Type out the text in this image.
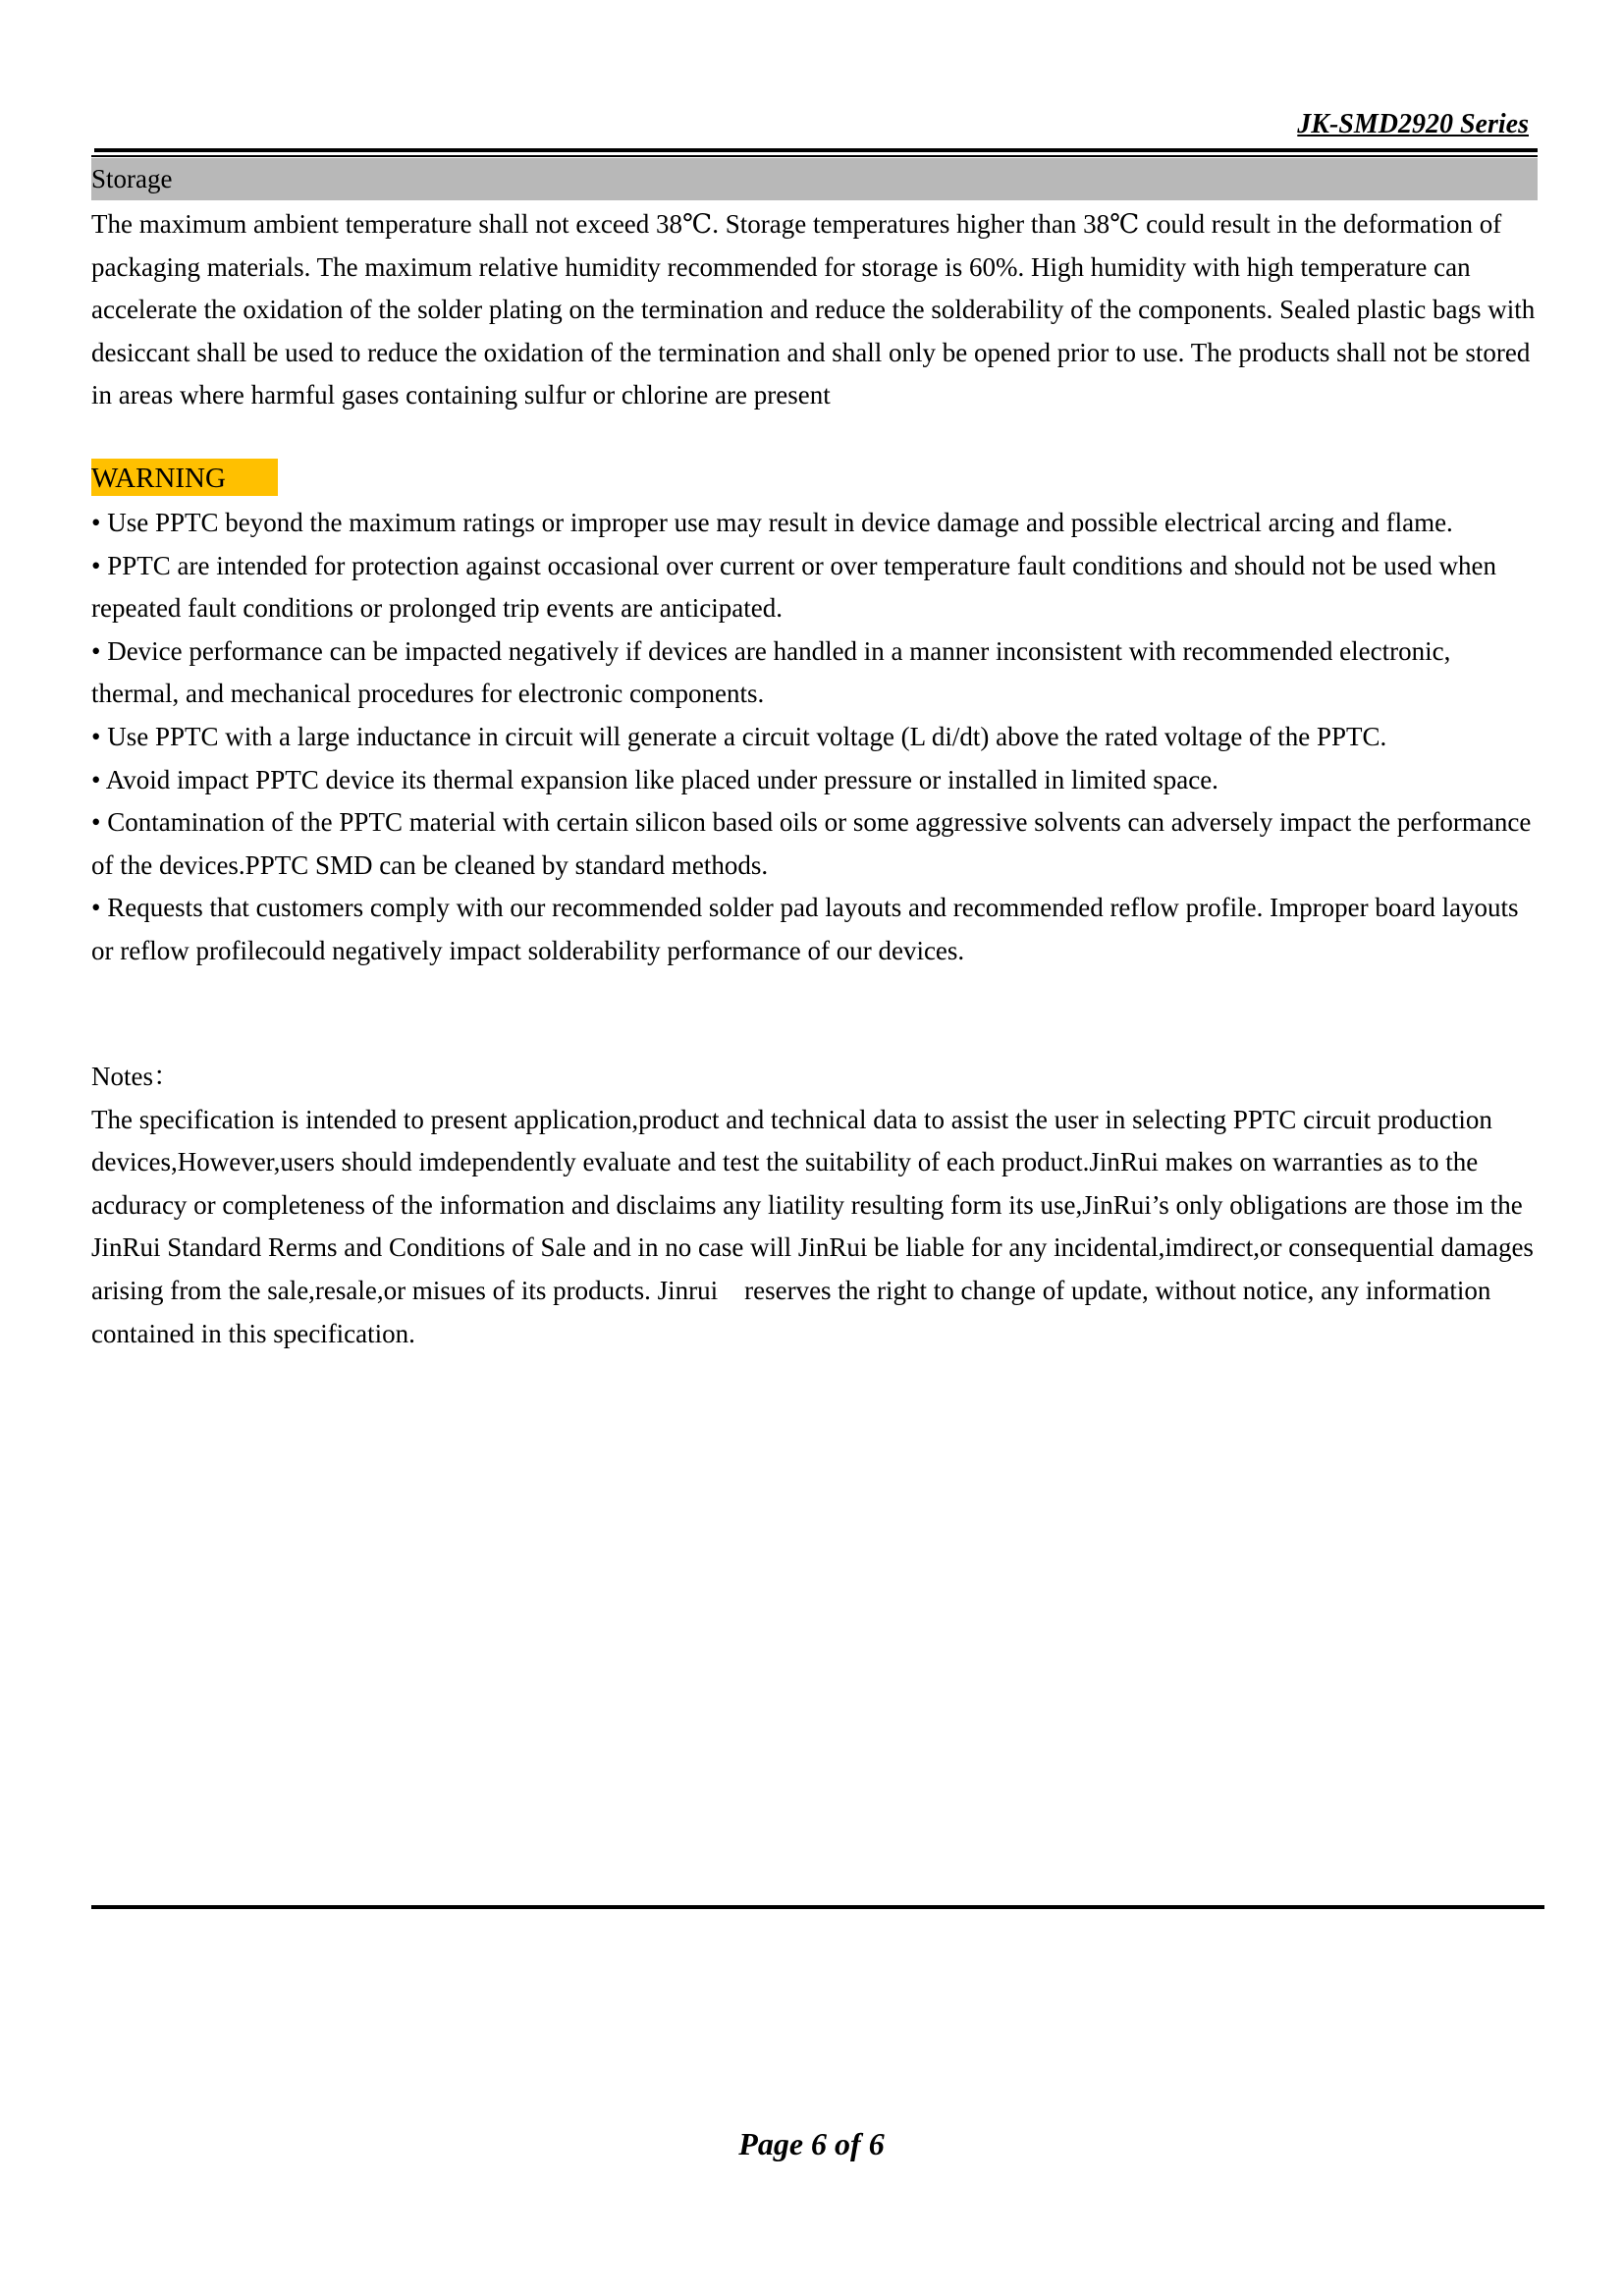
JK-SMD2920 Series
Storage

The maximum ambient temperature shall not exceed 38℃. Storage temperatures higher than 38℃ could result in the deformation of packaging materials. The maximum relative humidity recommended for storage is 60%. High humidity with high temperature can accelerate the oxidation of the solder plating on the termination and reduce the solderability of the components. Sealed plastic bags with desiccant shall be used to reduce the oxidation of the termination and shall only be opened prior to use. The products shall not be stored in areas where harmful gases containing sulfur or chlorine are present

WARNING

• Use PPTC beyond the maximum ratings or improper use may result in device damage and possible electrical arcing and flame.

• PPTC are intended for protection against occasional over current or over temperature fault conditions and should not be used when repeated fault conditions or prolonged trip events are anticipated.

• Device performance can be impacted negatively if devices are handled in a manner inconsistent with recommended electronic, thermal, and mechanical procedures for electronic components.

• Use PPTC with a large inductance in circuit will generate a circuit voltage (L di/dt) above the rated voltage of the PPTC.

• Avoid impact PPTC device its thermal expansion like placed under pressure or installed in limited space.

• Contamination of the PPTC material with certain silicon based oils or some aggressive solvents can adversely impact the performance of the devices.PPTC SMD can be cleaned by standard methods.

• Requests that customers comply with our recommended solder pad layouts and recommended reflow profile. Improper board layouts or reflow profilecould negatively impact solderability performance of our devices.

Notes：

The specification is intended to present application,product and technical data to assist the user in selecting PPTC circuit production devices,However,users should imdependently evaluate and test the suitability of each product.JinRui makes on warranties as to the acduracy or completeness of the information and disclaims any liatility resulting form its use,JinRui’s only obligations are those im the JinRui Standard Rerms and Conditions of Sale and in no case will JinRui be liable for any incidental,imdirect,or consequential damages arising from the sale,resale,or misues of its products. Jinrui    reserves the right to change of update, without notice, any information contained in this specification.

Page 6 of 6
